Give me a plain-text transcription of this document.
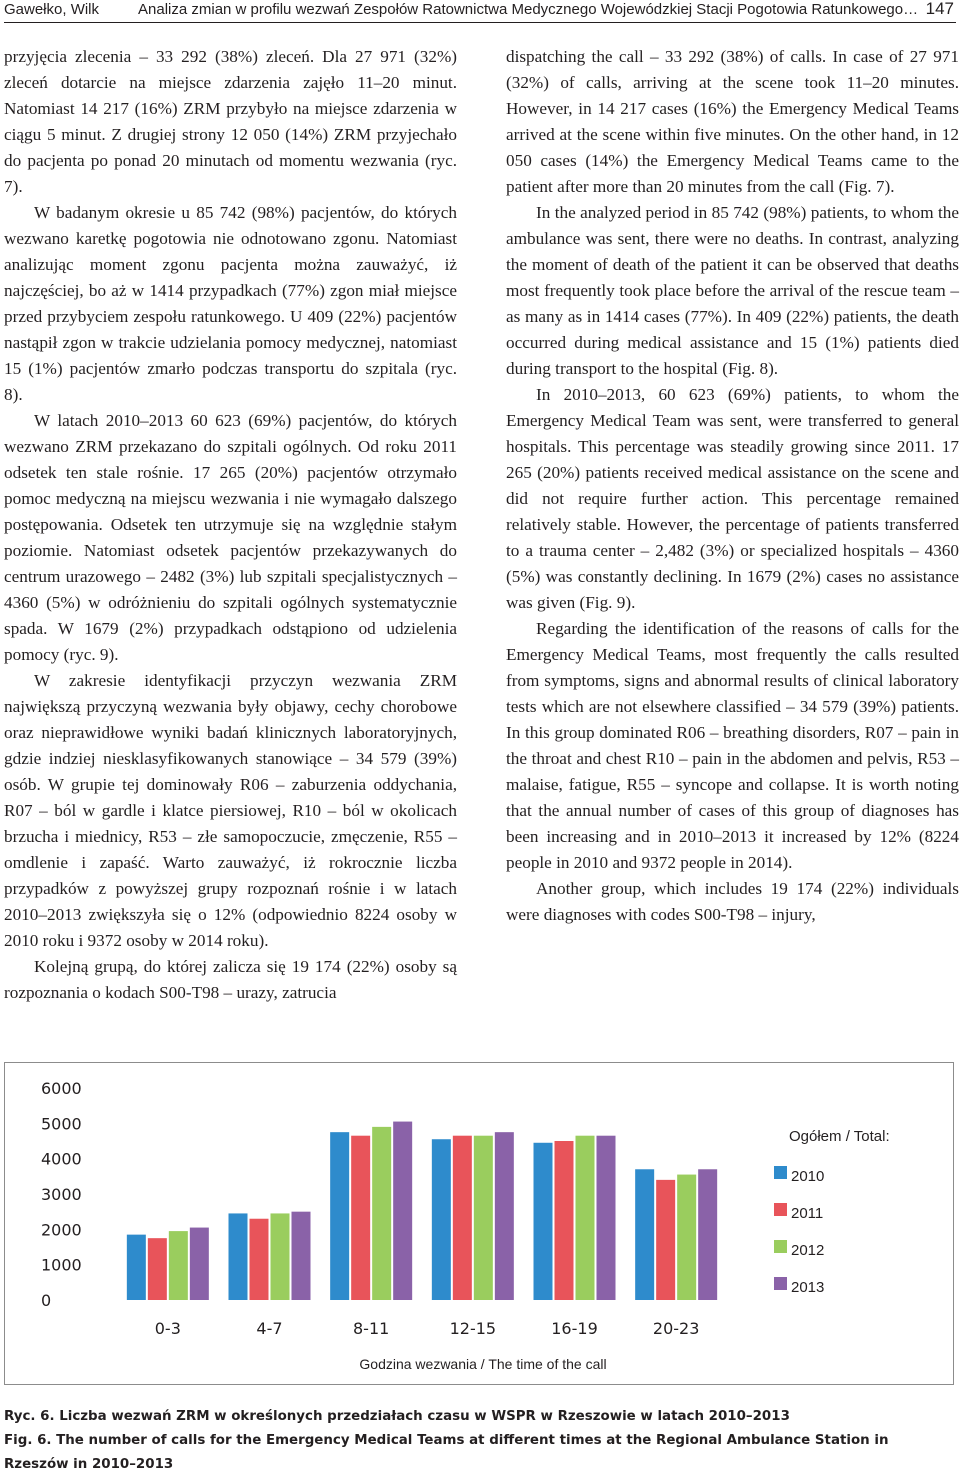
Gawełko, Wilk	Analiza zmian w profilu wezwań Zespołów Ratownictwa Medycznego Wojewódzkiej Stacji Pogotowia Ratunkowego… 147

przyjęcia zlecenia – 33 292 (38%) zleceń. Dla 27 971 (32%) zleceń dotarcie na miejsce zdarzenia zajęło 11–20 minut. Natomiast 14 217 (16%) ZRM przybyło na miejsce zdarzenia w ciągu 5 minut. Z drugiej strony 12 050 (14%) ZRM przyjechało do pacjenta po ponad 20 minutach od momentu wezwania (ryc. 7).

W badanym okresie u 85 742 (98%) pacjentów, do których wezwano karetkę pogotowia nie odnotowano zgonu. Natomiast analizując moment zgonu pacjenta można zauważyć, iż najczęściej, bo aż w 1414 przypadkach (77%) zgon miał miejsce przed przybyciem zespołu ratunkowego. U 409 (22%) pacjentów nastąpił zgon w trakcie udzielania pomocy medycznej, natomiast 15 (1%) pacjentów zmarło podczas transportu do szpitala (ryc. 8).

W latach 2010–2013 60 623 (69%) pacjentów, do których wezwano ZRM przekazano do szpitali ogólnych. Od roku 2011 odsetek ten stale rośnie. 17 265 (20%) pacjentów otrzymało pomoc medyczną na miejscu wezwania i nie wymagało dalszego postępowania. Odsetek ten utrzymuje się na względnie stałym poziomie. Natomiast odsetek pacjentów przekazywanych do centrum urazowego – 2482 (3%) lub szpitali specjalistycznych – 4360 (5%) w odróżnieniu do szpitali ogólnych systematycznie spada. W 1679 (2%) przypadkach odstąpiono od udzielenia pomocy (ryc. 9).

W zakresie identyfikacji przyczyn wezwania ZRM największą przyczyną wezwania były objawy, cechy chorobowe oraz nieprawidłowe wyniki badań klinicznych laboratoryjnych, gdzie indziej niesklasyfikowanych stanowiące – 34 579 (39%) osób. W grupie tej dominowały R06 – zaburzenia oddychania, R07 – ból w gardle i klatce piersiowej, R10 – ból w okolicach brzucha i miednicy, R53 – złe samopoczucie, zmęczenie, R55 – omdlenie i zapaść. Warto zauważyć, iż rokrocznie liczba przypadków z powyższej grupy rozpoznań rośnie i w latach 2010–2013 zwiększyła się o 12% (odpowiednio 8224 osoby w 2010 roku i 9372 osoby w 2014 roku).

Kolejną grupą, do której zalicza się 19 174 (22%) osoby są rozpoznania o kodach S00-T98 – urazy, zatrucia

dispatching the call – 33 292 (38%) of calls. In case of 27 971 (32%) of calls, arriving at the scene took 11–20 minutes. However, in 14 217 cases (16%) the Emergency Medical Teams arrived at the scene within five minutes. On the other hand, in 12 050 cases (14%) the Emergency Medical Teams came to the patient after more than 20 minutes from the call (Fig. 7).

In the analyzed period in 85 742 (98%) patients, to whom the ambulance was sent, there were no deaths. In contrast, analyzing the moment of death of the patient it can be observed that deaths most frequently took place before the arrival of the rescue team – as many as in 1414 cases (77%). In 409 (22%) patients, the death occurred during medical assistance and 15 (1%) patients died during transport to the hospital (Fig. 8).

In 2010–2013, 60 623 (69%) patients, to whom the Emergency Medical Team was sent, were transferred to general hospitals. This percentage was steadily growing since 2011. 17 265 (20%) patients received medical assistance on the scene and did not require further action. This percentage remained relatively stable. However, the percentage of patients transferred to a trauma center – 2,482 (3%) or specialized hospitals – 4360 (5%) was constantly declining. In 1679 (2%) cases no assistance was given (Fig. 9).

Regarding the identification of the reasons of calls for the Emergency Medical Teams, most frequently the calls resulted from symptoms, signs and abnormal results of clinical laboratory tests which are not elsewhere classified – 34 579 (39%) patients. In this group dominated R06 – breathing disorders, R07 – pain in the throat and chest R10 – pain in the abdomen and pelvis, R53 – malaise, fatigue, R55 – syncope and collapse. It is worth noting that the annual number of cases of this group of diagnoses has been increasing and in 2010–2013 it increased by 12% (8224 people in 2010 and 9372 people in 2014).

Another group, which includes 19 174 (22%) individuals were diagnoses with codes S00-T98 – injury,

0
1000
2000
3000
4000
5000
6000
0-3	4-7	8-11	12-15	16-19	20-23
Godzina wezwania / The time of the call
Ogółem / Total:
2010
2011
2012
2013
Ryc. 6. Liczba wezwań ZRM w określonych przedziałach czasu w WSPR w Rzeszowie w latach 2010–2013
Fig. 6. The number of calls for the Emergency Medical Teams at different times at the Regional Ambulance Station in Rzeszów in 2010–2013
